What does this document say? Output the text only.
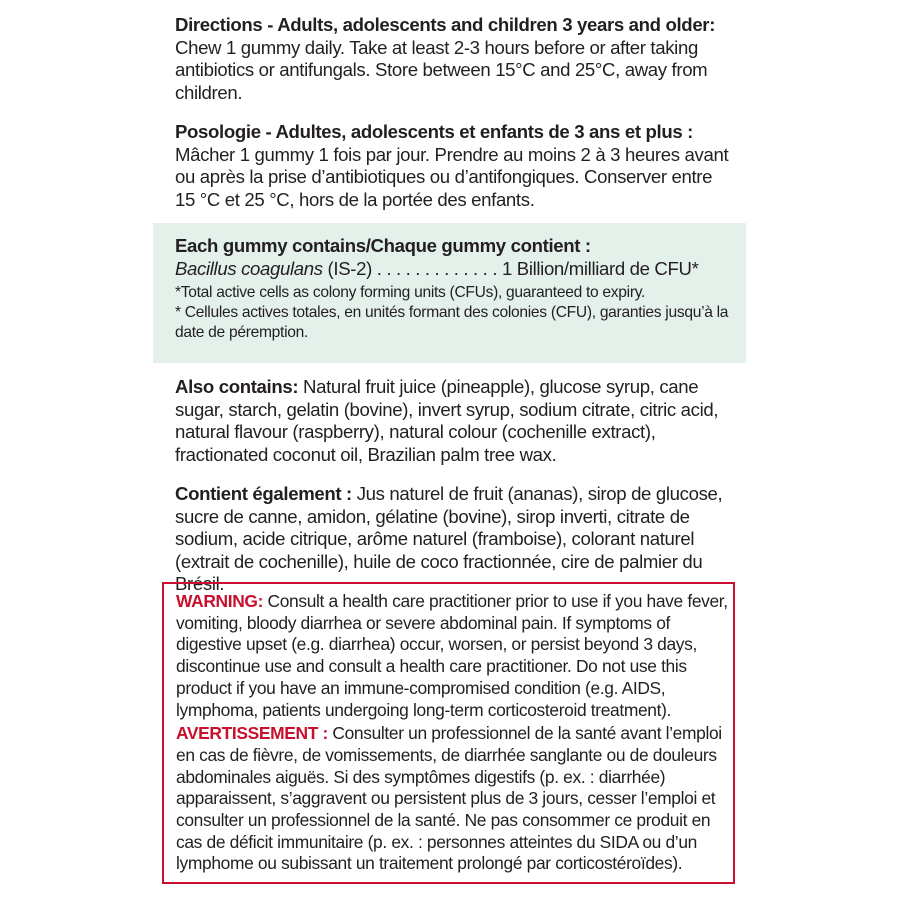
Directions - Adults, adolescents and children 3 years and older: Chew 1 gummy daily. Take at least 2-3 hours before or after taking antibiotics or antifungals. Store between 15°C and 25°C, away from children.

Posologie - Adultes, adolescents et enfants de 3 ans et plus : Mâcher 1 gummy 1 fois par jour. Prendre au moins 2 à 3 heures avant ou après la prise d’antibiotiques ou d’antifongiques. Conserver entre 15 °C et 25 °C, hors de la portée des enfants.

Each gummy contains/Chaque gummy contient :
Bacillus coagulans (IS-2) . . . . . . . . . . . . . 1 Billion/milliard de CFU*
*Total active cells as colony forming units (CFUs), guaranteed to expiry.
* Cellules actives totales, en unités formant des colonies (CFU), garanties jusqu’à la date de péremption.

Also contains: Natural fruit juice (pineapple), glucose syrup, cane sugar, starch, gelatin (bovine), invert syrup, sodium citrate, citric acid, natural flavour (raspberry), natural colour (cochenille extract), fractionated coconut oil, Brazilian palm tree wax.

Contient également : Jus naturel de fruit (ananas), sirop de glucose, sucre de canne, amidon, gélatine (bovine), sirop inverti, citrate de sodium, acide citrique, arôme naturel (framboise), colorant naturel (extrait de cochenille), huile de coco fractionnée, cire de palmier du Brésil.

WARNING: Consult a health care practitioner prior to use if you have fever, vomiting, bloody diarrhea or severe abdominal pain. If symptoms of digestive upset (e.g. diarrhea) occur, worsen, or persist beyond 3 days, discontinue use and consult a health care practitioner. Do not use this product if you have an immune-compromised condition (e.g. AIDS, lymphoma, patients undergoing long-term corticosteroid treatment).

AVERTISSEMENT : Consulter un professionnel de la santé avant l’emploi en cas de fièvre, de vomissements, de diarrhée sanglante ou de douleurs abdominales aiguës. Si des symptômes digestifs (p. ex. : diarrhée) apparaissent, s’aggravent ou persistent plus de 3 jours, cesser l’emploi et consulter un professionnel de la santé. Ne pas consommer ce produit en cas de déficit immunitaire (p. ex. : personnes atteintes du SIDA ou d’un lymphome ou subissant un traitement prolongé par corticostéroïdes).
